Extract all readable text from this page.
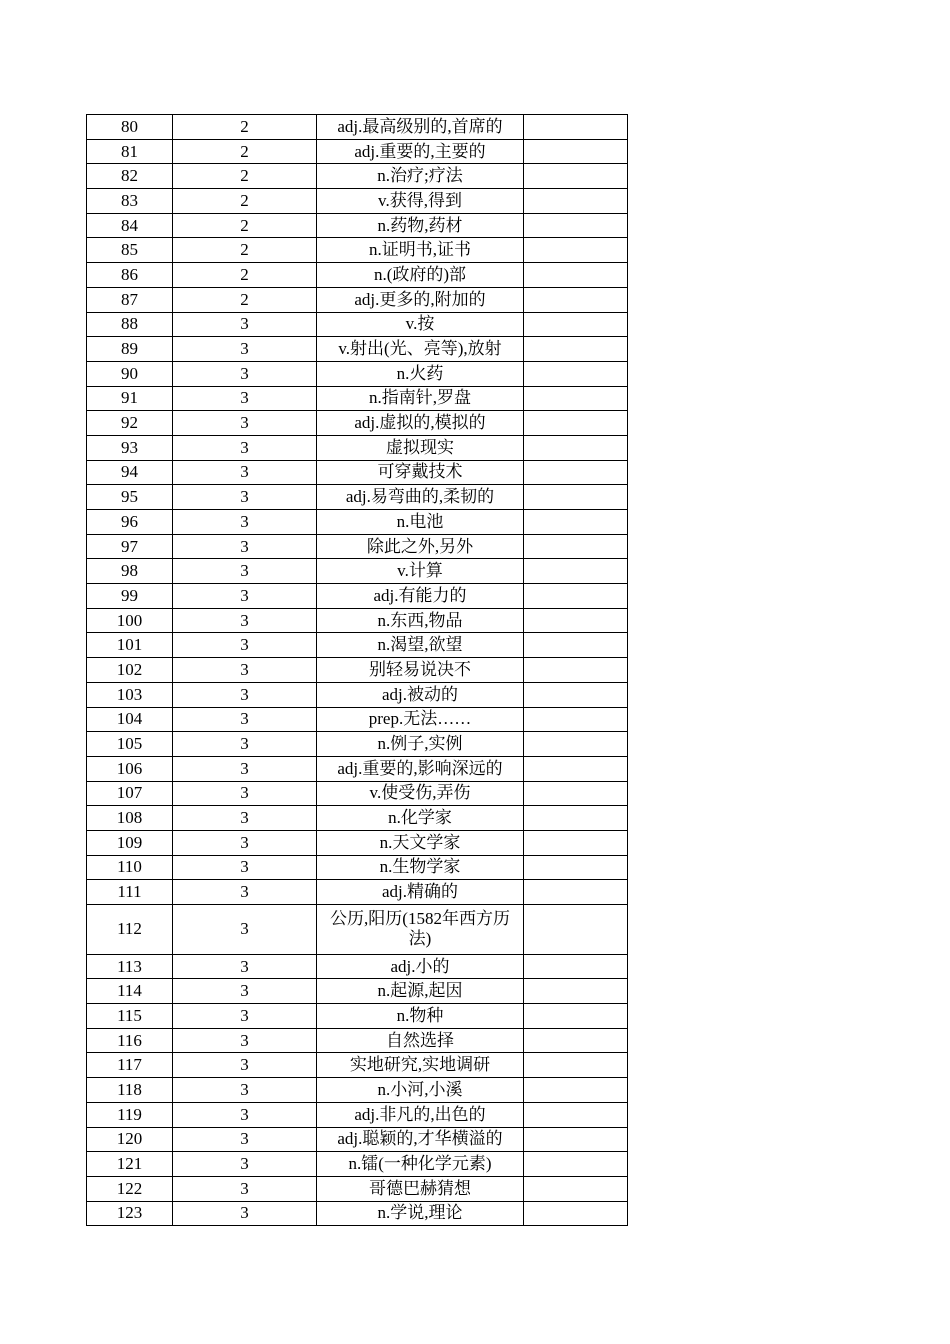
80	2	adj.最高级别的,首席的	
81	2	adj.重要的,主要的	
82	2	n.治疗;疗法	
83	2	v.获得,得到	
84	2	n.药物,药材	
85	2	n.证明书,证书	
86	2	n.(政府的)部	
87	2	adj.更多的,附加的	
88	3	v.按	
89	3	v.射出(光、亮等),放射	
90	3	n.火药	
91	3	n.指南针,罗盘	
92	3	adj.虚拟的,模拟的	
93	3	虚拟现实	
94	3	可穿戴技术	
95	3	adj.易弯曲的,柔韧的	
96	3	n.电池	
97	3	除此之外,另外	
98	3	v.计算	
99	3	adj.有能力的	
100	3	n.东西,物品	
101	3	n.渴望,欲望	
102	3	别轻易说决不	
103	3	adj.被动的	
104	3	prep.无法……	
105	3	n.例子,实例	
106	3	adj.重要的,影响深远的	
107	3	v.使受伤,弄伤	
108	3	n.化学家	
109	3	n.天文学家	
110	3	n.生物学家	
111	3	adj.精确的	
112	3	公历,阳历(1582年西方历法)	
113	3	adj.小的	
114	3	n.起源,起因	
115	3	n.物种	
116	3	自然选择	
117	3	实地研究,实地调研	
118	3	n.小河,小溪	
119	3	adj.非凡的,出色的	
120	3	adj.聪颖的,才华横溢的	
121	3	n.镭(一种化学元素)	
122	3	哥德巴赫猜想	
123	3	n.学说,理论	
